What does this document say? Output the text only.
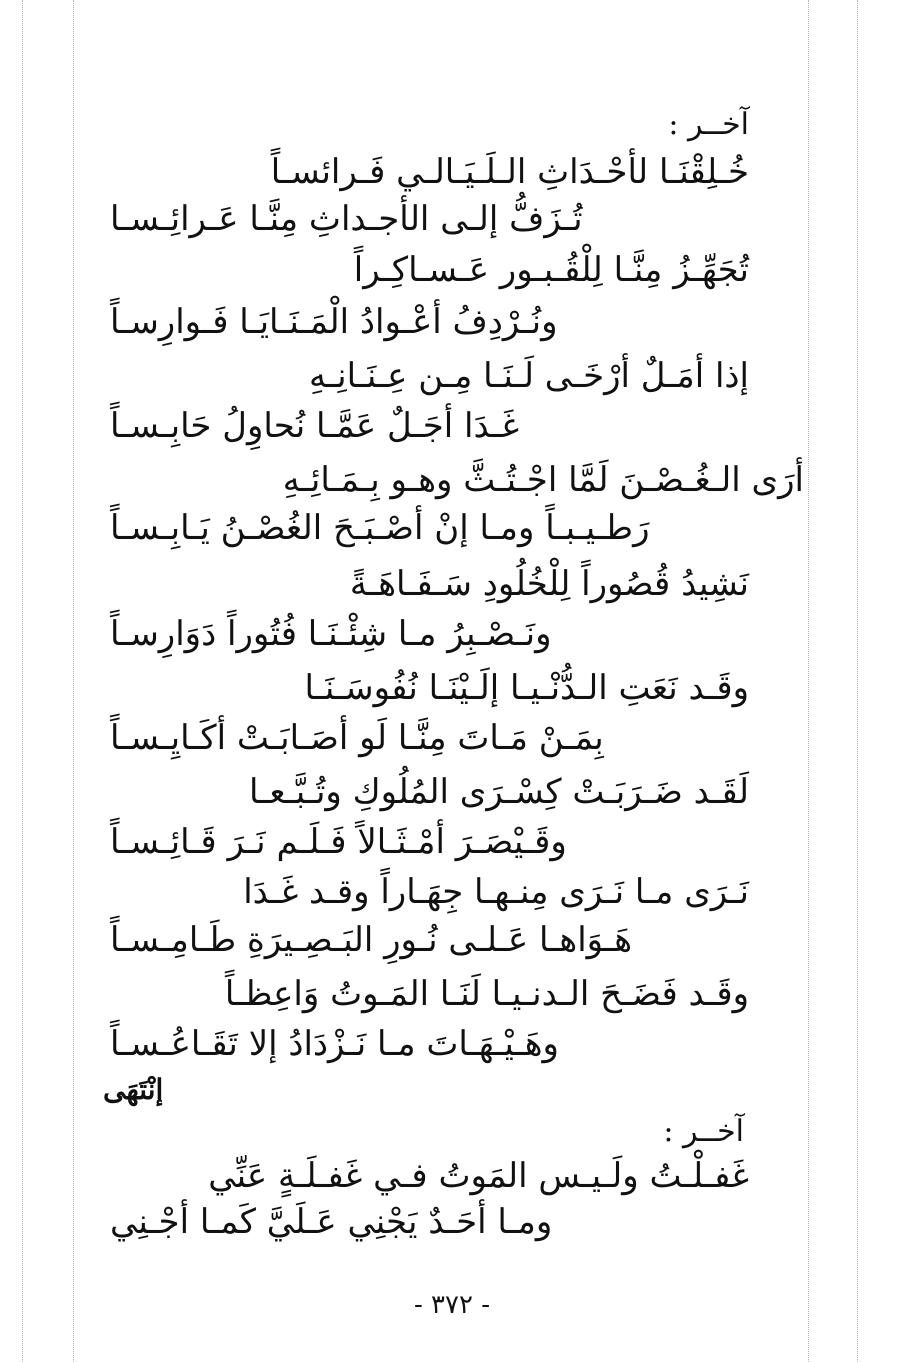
آخــر :
خُـلِقْنَـا لأحْـدَاثِ الـلَـيَـالـي فَـرائسـاً
تُـزَفُّ إلـى الأجـداثِ مِنَّـا عَـرائِـسـا
تُجَهِّـزُ مِنَّـا لِلْقُـبـور عَـسـاكِـراً
ونُـرْدِفُ أعْـوادُ الْمَـنَـايَـا فَـوارِسـاً
إذا أمَـلٌ أرْخَـى لَـنَـا مِـن عِـنَـانِـهِ
غَـدَا أجَـلٌ عَمَّـا نُحاوِلُ حَابِـسـاً
أرَى الـغُـصْـنَ لَمَّا اجْـتُـثَّ وهـو بِـمَـائِـهِ
رَطـيـبـاً ومـا إنْ أصْـبَـحَ الغُصْـنُ يَـابِـسـاً
نَشِيدُ قُصُوراً لِلْخُلُودِ سَـفَـاهَـةً
ونَـصْـبِرُ مـا شِئْـنَـا فُتُوراً دَوَارِسـاً
وقَـد نَعَتِ الـدُّنْـيـا إلَـيْنَـا نُفُوسَـنَـا
بِمَـنْ مَـاتَ مِنَّـا لَو أصَـابَـتْ أكَـايِـسـاً
لَقَـد ضَـرَبَـتْ كِسْـرَى المُلُوكِ وتُـبَّـعـا
وقَـيْصَـرَ أمْـثَـالاً فَـلَـم نَـرَ قَـائِـسـاً
نَـرَى مـا نَـرَى مِنـهـا جِهَـاراً وقـد غَـدَا
هَـوَاهـا عَـلـى نُـورِ البَـصِـيرَةِ طَـامِـسـاً
وقَـد فَضَـحَ الـدنـيـا لَنَـا المَـوتُ وَاعِظـاً
وهَـيْـهَـاتَ مـا نَـزْدَادُ إلا تَقَـاعُـسـاً
إنْتَهَى
آخــر :
غَفـلْـتُ ولَـيـس المَوتُ فـي غَفـلَـةٍ عَنِّي
ومـا أحَـدٌ يَجْنِي عَـلَيَّ كَمـا أجْـنِي
- ٣٧٢ -
